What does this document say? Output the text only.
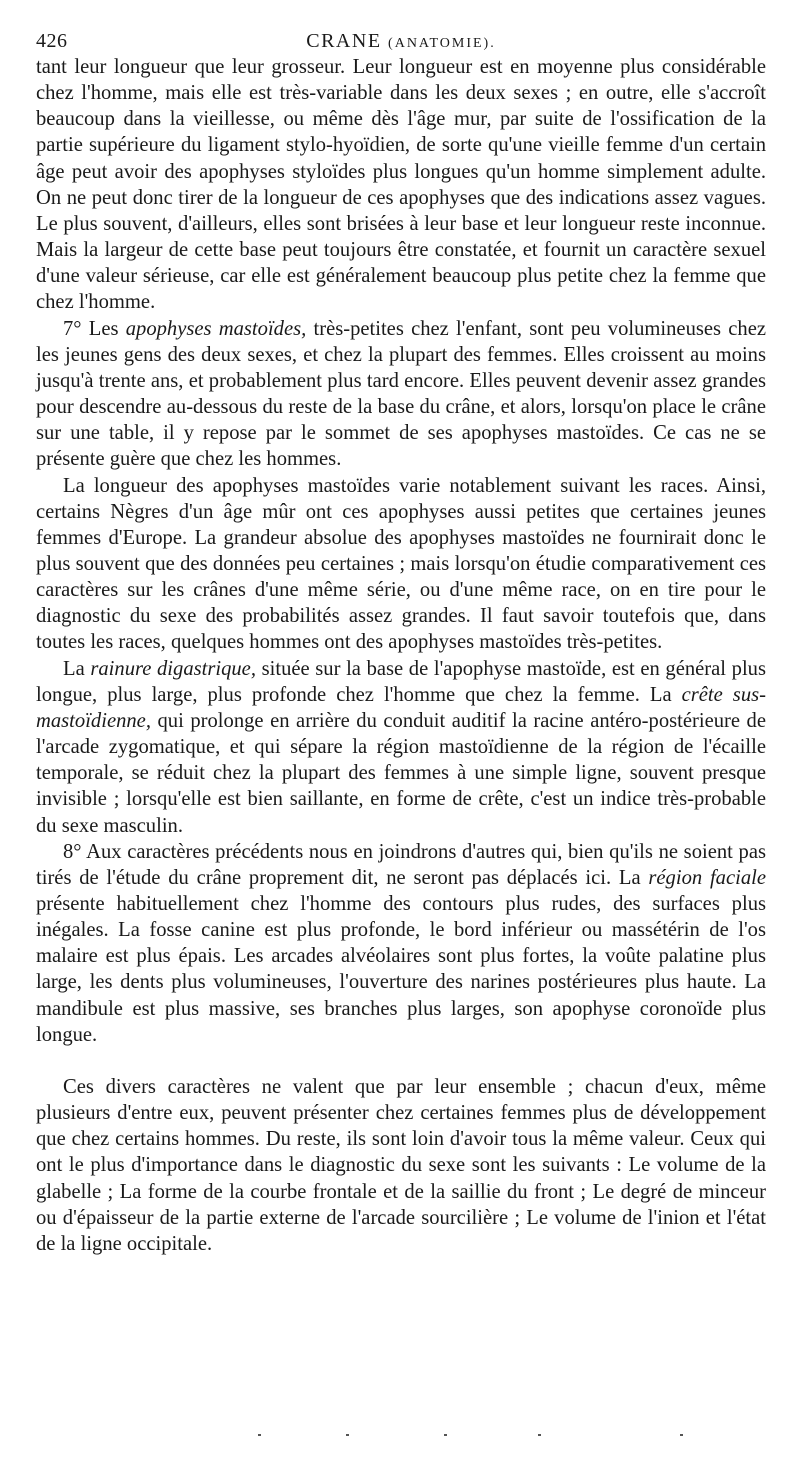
426	CRANE (ANATOMIE).

tant leur longueur que leur grosseur. Leur longueur est en moyenne plus considérable chez l'homme, mais elle est très-variable dans les deux sexes ; en outre, elle s'accroît beaucoup dans la vieillesse, ou même dès l'âge mur, par suite de l'ossification de la partie supérieure du ligament stylo-hyoïdien, de sorte qu'une vieille femme d'un certain âge peut avoir des apophyses styloïdes plus longues qu'un homme simplement adulte. On ne peut donc tirer de la longueur de ces apophyses que des indications assez vagues. Le plus souvent, d'ailleurs, elles sont brisées à leur base et leur longueur reste inconnue. Mais la largeur de cette base peut toujours être constatée, et fournit un caractère sexuel d'une valeur sérieuse, car elle est généralement beaucoup plus petite chez la femme que chez l'homme.

7° Les apophyses mastoïdes, très-petites chez l'enfant, sont peu volumineuses chez les jeunes gens des deux sexes, et chez la plupart des femmes. Elles croissent au moins jusqu'à trente ans, et probablement plus tard encore. Elles peuvent devenir assez grandes pour descendre au-dessous du reste de la base du crâne, et alors, lorsqu'on place le crâne sur une table, il y repose par le sommet de ses apophyses mastoïdes. Ce cas ne se présente guère que chez les hommes.

La longueur des apophyses mastoïdes varie notablement suivant les races. Ainsi, certains Nègres d'un âge mûr ont ces apophyses aussi petites que certaines jeunes femmes d'Europe. La grandeur absolue des apophyses mastoïdes ne fournirait donc le plus souvent que des données peu certaines ; mais lorsqu'on étudie comparativement ces caractères sur les crânes d'une même série, ou d'une même race, on en tire pour le diagnostic du sexe des probabilités assez grandes. Il faut savoir toutefois que, dans toutes les races, quelques hommes ont des apophyses mastoïdes très-petites.

La rainure digastrique, située sur la base de l'apophyse mastoïde, est en général plus longue, plus large, plus profonde chez l'homme que chez la femme. La crête sus-mastoïdienne, qui prolonge en arrière du conduit auditif la racine antéro-postérieure de l'arcade zygomatique, et qui sépare la région mastoïdienne de la région de l'écaille temporale, se réduit chez la plupart des femmes à une simple ligne, souvent presque invisible ; lorsqu'elle est bien saillante, en forme de crête, c'est un indice très-probable du sexe masculin.

8° Aux caractères précédents nous en joindrons d'autres qui, bien qu'ils ne soient pas tirés de l'étude du crâne proprement dit, ne seront pas déplacés ici. La région faciale présente habituellement chez l'homme des contours plus rudes, des surfaces plus inégales. La fosse canine est plus profonde, le bord inférieur ou massétérin de l'os malaire est plus épais. Les arcades alvéolaires sont plus fortes, la voûte palatine plus large, les dents plus volumineuses, l'ouverture des narines postérieures plus haute. La mandibule est plus massive, ses branches plus larges, son apophyse coronoïde plus longue.

Ces divers caractères ne valent que par leur ensemble ; chacun d'eux, même plusieurs d'entre eux, peuvent présenter chez certaines femmes plus de développement que chez certains hommes. Du reste, ils sont loin d'avoir tous la même valeur. Ceux qui ont le plus d'importance dans le diagnostic du sexe sont les suivants : Le volume de la glabelle ; La forme de la courbe frontale et de la saillie du front ; Le degré de minceur ou d'épaisseur de la partie externe de l'arcade sourcilière ; Le volume de l'inion et l'état de la ligne occipitale.
